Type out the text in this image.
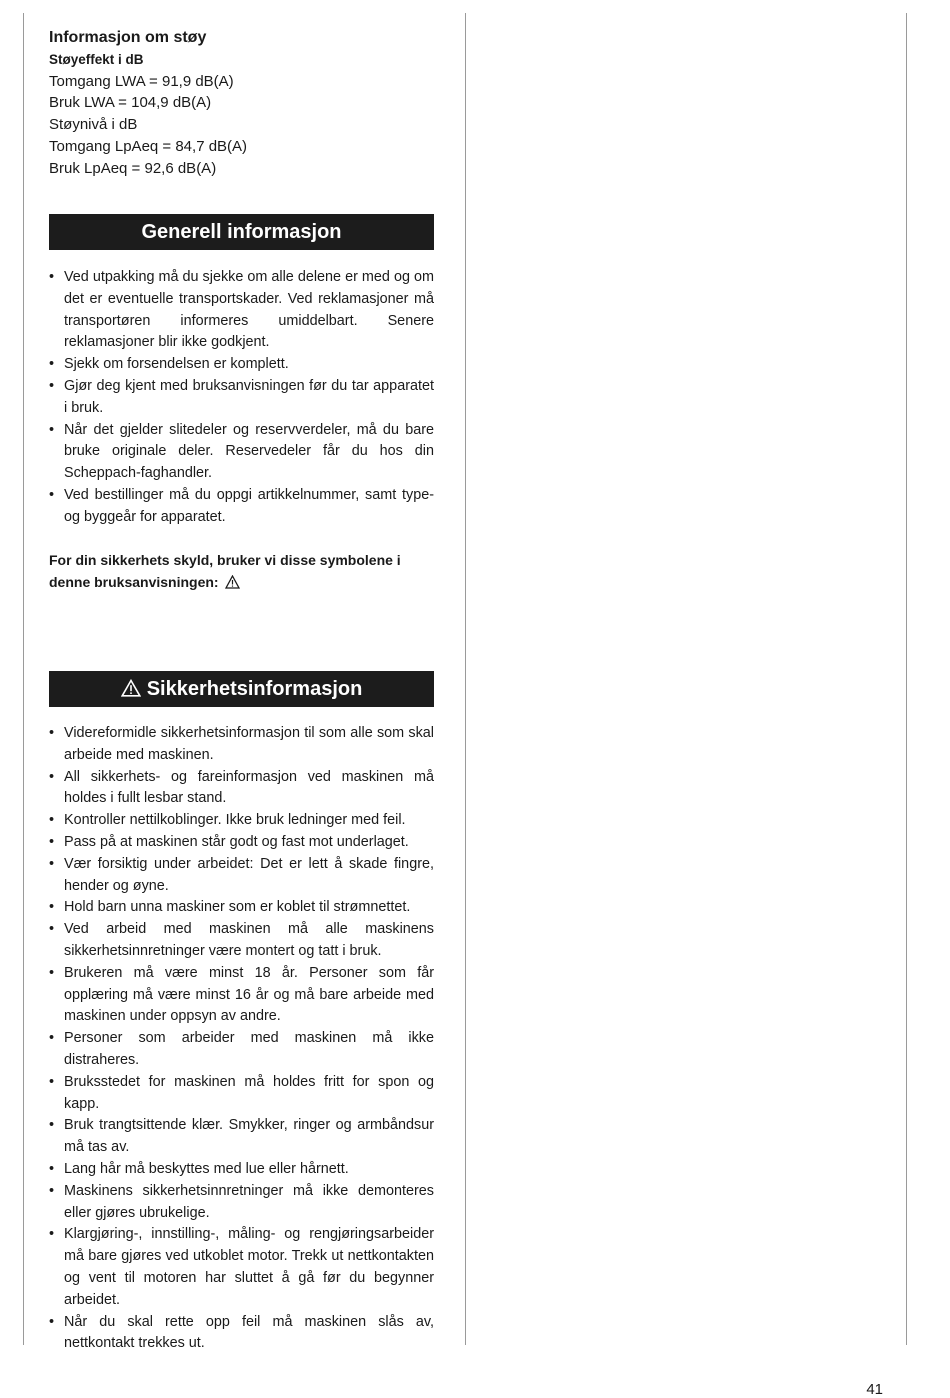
Informasjon om støy
Støyeffekt i dB
Tomgang LWA = 91,9 dB(A)
Bruk LWA = 104,9 dB(A)
Støynivå i dB
Tomgang LpAeq = 84,7 dB(A)
Bruk LpAeq = 92,6 dB(A)
Generell informasjon
• Ved utpakking må du sjekke om alle delene er med og om det er eventuelle transportskader. Ved reklamasjoner må transportøren informeres umiddelbart. Senere reklamasjoner blir ikke godkjent.
• Sjekk om forsendelsen er komplett.
• Gjør deg kjent med bruksanvisningen før du tar apparatet i bruk.
• Når det gjelder slitedeler og reservverdeler, må du bare bruke originale deler. Reservedeler får du hos din Scheppach-faghandler.
• Ved bestillinger må du oppgi artikkelnummer, samt type- og byggeår for apparatet.
For din sikkerhets skyld, bruker vi disse symbolene i denne bruksanvisningen:
Sikkerhetsinformasjon
• Videreformidle sikkerhetsinformasjon til som alle som skal arbeide med maskinen.
• All sikkerhets- og fareinformasjon ved maskinen må holdes i fullt lesbar stand.
• Kontroller nettilkoblinger. Ikke bruk ledninger med feil.
• Pass på at maskinen står godt og fast mot underlaget.
• Vær forsiktig under arbeidet: Det er lett å skade fingre, hender og øyne.
• Hold barn unna maskiner som er koblet til strømnettet.
• Ved arbeid med maskinen må alle maskinens sikkerhetsinnretninger være montert og tatt i bruk.
• Brukeren må være minst 18 år. Personer som får opplæring må være minst 16 år og må bare arbeide med maskinen under oppsyn av andre.
• Personer som arbeider med maskinen må ikke distraheres.
• Bruksstedet for maskinen må holdes fritt for spon og kapp.
• Bruk trangtsittende klær. Smykker, ringer og armbåndsur må tas av.
• Lang hår må beskyttes med lue eller hårnett.
• Maskinens sikkerhetsinnretninger må ikke demonteres eller gjøres ubrukelige.
• Klargjøring-, innstilling-, måling- og rengjøringsarbeider må bare gjøres ved utkoblet motor. Trekk ut nettkontakten og vent til motoren har sluttet å gå før du begynner arbeidet.
• Når du skal rette opp feil må maskinen slås av, nettkontakt trekkes ut.
41
